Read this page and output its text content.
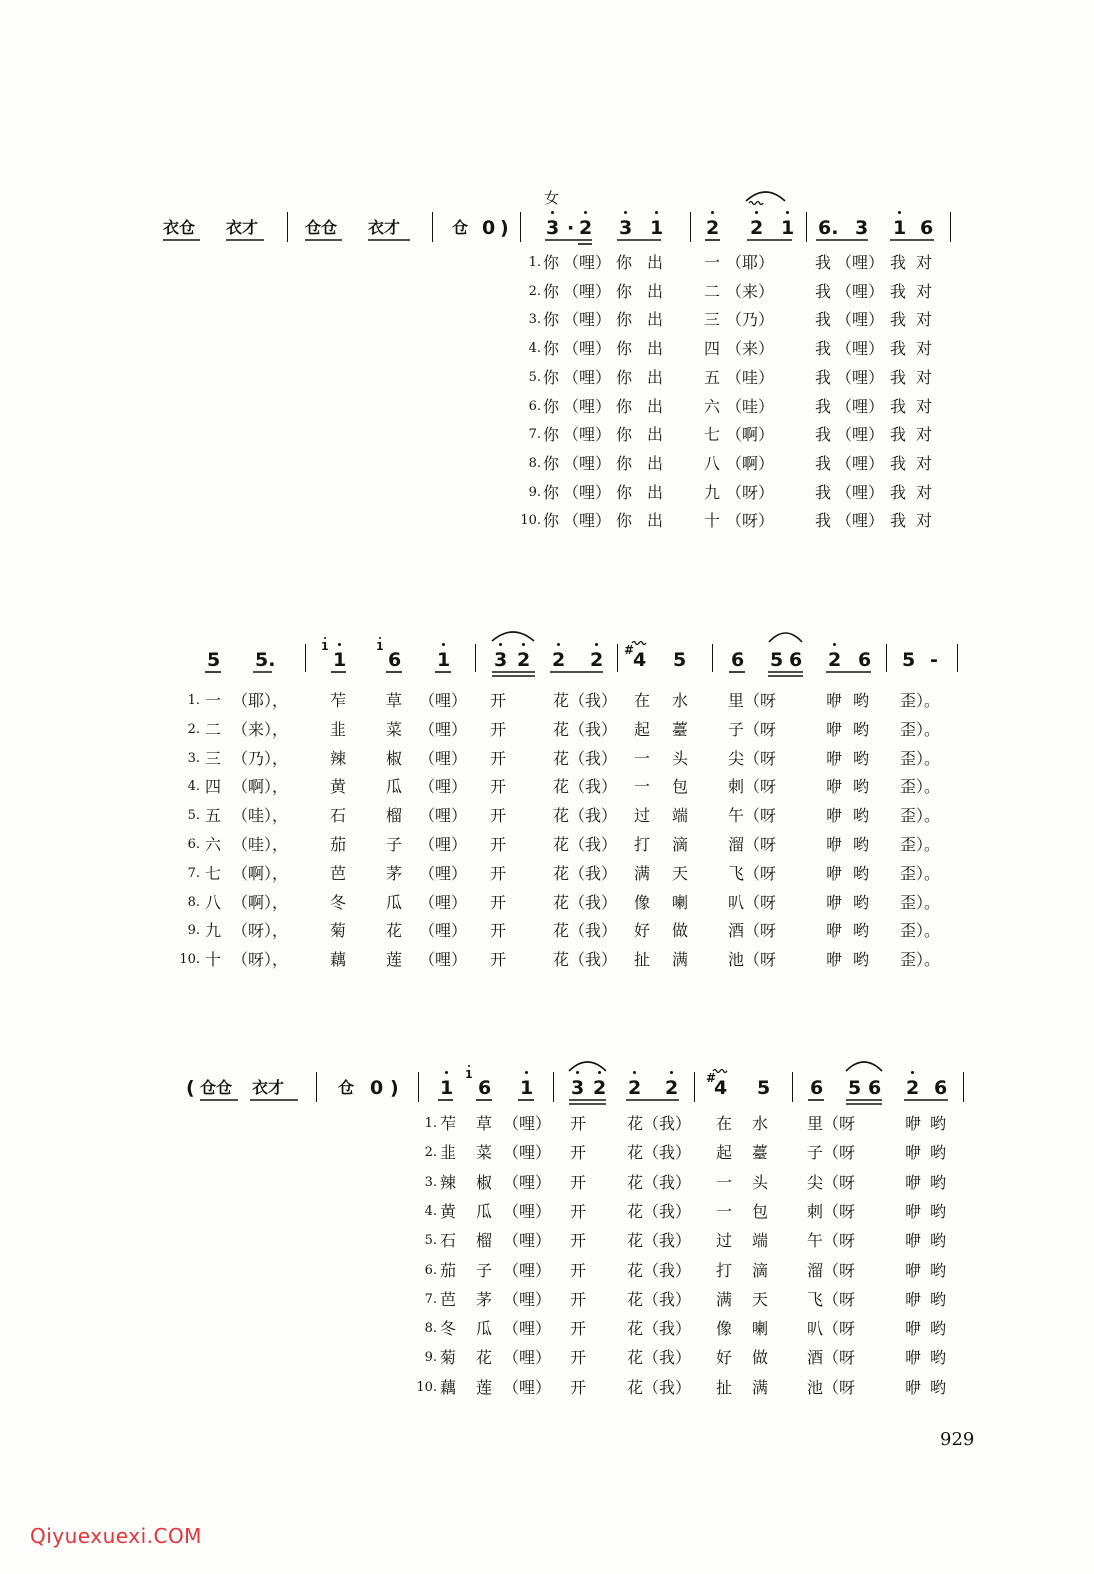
女
衣仓 衣才	仓仓 衣才	仓 0 ) 3 · 2 3 1 2 2 1 6. 3 1 6
1. 你 （哩） 你 出	一 （耶）	我 （哩） 我 对
2. 你 （哩） 你 出	二 （来）	我 （哩） 我 对
3. 你 （哩） 你 出	三 （乃）	我 （哩） 我 对
4. 你 （哩） 你 出	四 （来）	我 （哩） 我 对
5. 你 （哩） 你 出	五 （哇）	我 （哩） 我 对
6. 你 （哩） 你 出	六 （哇）	我 （哩） 我 对
7. 你 （哩） 你 出	七 （啊）	我 （哩） 我 对
8. 你 （哩） 你 出	八 （啊）	我 （哩） 我 对
9. 你 （哩） 你 出	九 （呀）	我 （哩） 我 对
10. 你 （哩） 你 出	十 （呀）	我 （哩） 我 对
5 5.
1
1
1
6 1 3 2 2 2 #
4 5 6 5 6 2 6 5 -
1. 一 （耶），	苲 草 （哩） 开	花（我） 在 水 里（呀	咿 哟 歪）。
2. 二 （来），	韭 菜 （哩） 开	花（我） 起 薹 子（呀	咿 哟 歪）。
3. 三 （乃），	辣 椒 （哩） 开	花（我） 一 头 尖（呀	咿 哟 歪）。
4. 四 （啊），	黄 瓜 （哩） 开	花（我） 一 包 刺（呀	咿 哟 歪）。
5. 五 （哇），	石 榴 （哩） 开	花（我） 过 端 午（呀	咿 哟 歪）。
6. 六 （哇），	茄 子 （哩） 开	花（我） 打 滴 溜（呀	咿 哟 歪）。
7. 七 （啊），	芭 茅 （哩） 开	花（我） 满 天 飞（呀	咿 哟 歪）。
8. 八 （啊），	冬 瓜 （哩） 开	花（我） 像 喇 叭（呀	咿 哟 歪）。
9. 九 （呀），	菊 花 （哩） 开	花（我） 好 做 酒（呀	咿 哟 歪）。
10. 十 （呀），	藕 莲 （哩） 开	花（我） 扯 满 池（呀	咿 哟 歪）。
( 仓仓 衣才	仓 0 ) 1
1
6 1 3 2 2 2 #
4 5 6 5 6 2 6
1. 苲 草 （哩） 开	花（我） 在 水 里（呀	咿 哟
2. 韭 菜 （哩） 开	花（我） 起 薹 子（呀	咿 哟
3. 辣 椒 （哩） 开	花（我） 一 头 尖（呀	咿 哟
4. 黄 瓜 （哩） 开	花（我） 一 包 刺（呀	咿 哟
5. 石 榴 （哩） 开	花（我） 过 端 午（呀	咿 哟
6. 茄 子 （哩） 开	花（我） 打 滴 溜（呀	咿 哟
7. 芭 茅 （哩） 开	花（我） 满 天 飞（呀	咿 哟
8. 冬 瓜 （哩） 开	花（我） 像 喇 叭（呀	咿 哟
9. 菊 花 （哩） 开	花（我） 好 做 酒（呀	咿 哟
10. 藕 莲 （哩） 开	花（我） 扯 满 池（呀	咿 哟
929
Qiyuexuexi.COM
